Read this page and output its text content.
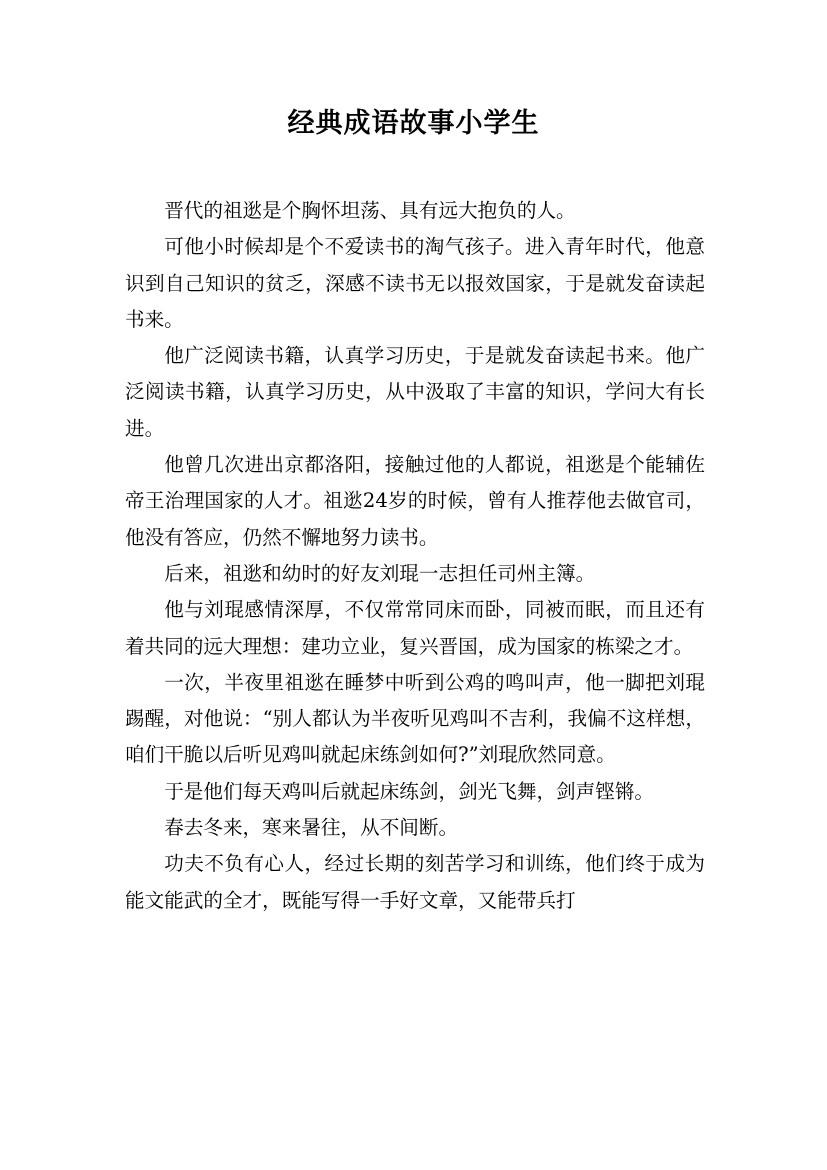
经典成语故事小学生

晋代的祖逖是个胸怀坦荡、具有远大抱负的人。

可他小时候却是个不爱读书的淘气孩子。进入青年时代，他意识到自己知识的贫乏，深感不读书无以报效国家，于是就发奋读起书来。

他广泛阅读书籍，认真学习历史，于是就发奋读起书来。他广泛阅读书籍，认真学习历史，从中汲取了丰富的知识，学问大有长进。

他曾几次进出京都洛阳，接触过他的人都说，祖逖是个能辅佐帝王治理国家的人才。祖逖24岁的时候，曾有人推荐他去做官司，他没有答应，仍然不懈地努力读书。

后来，祖逖和幼时的好友刘琨一志担任司州主簿。

他与刘琨感情深厚，不仅常常同床而卧，同被而眠，而且还有着共同的远大理想：建功立业，复兴晋国，成为国家的栋梁之才。

一次，半夜里祖逖在睡梦中听到公鸡的鸣叫声，他一脚把刘琨踢醒，对他说：“别人都认为半夜听见鸡叫不吉利，我偏不这样想，咱们干脆以后听见鸡叫就起床练剑如何?”刘琨欣然同意。

于是他们每天鸡叫后就起床练剑，剑光飞舞，剑声铿锵。

春去冬来，寒来暑往，从不间断。

功夫不负有心人，经过长期的刻苦学习和训练，他们终于成为能文能武的全才，既能写得一手好文章，又能带兵打
